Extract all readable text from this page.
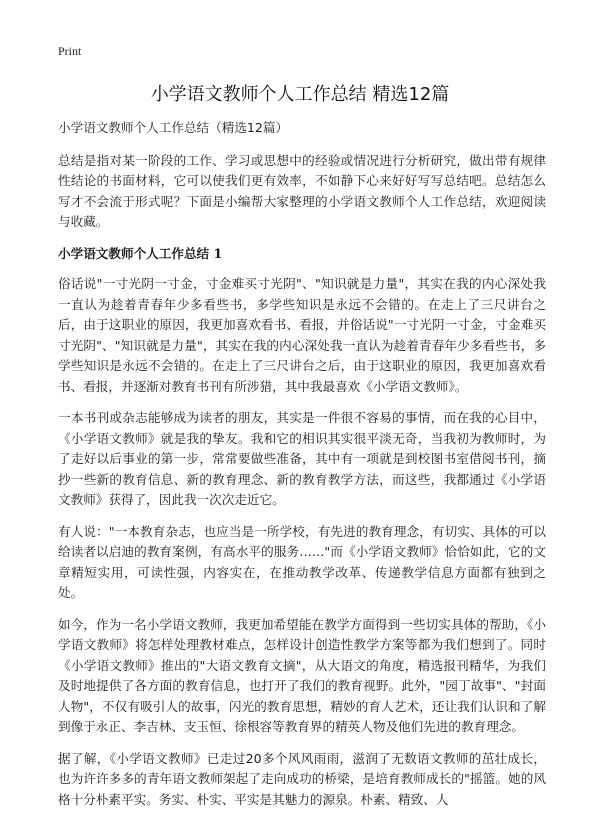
Print
小学语文教师个人工作总结 精选12篇

小学语文教师个人工作总结（精选12篇）

总结是指对某一阶段的工作、学习或思想中的经验或情况进行分析研究，做出带有规律性结论的书面材料，它可以使我们更有效率，不如静下心来好好写写总结吧。总结怎么写才不会流于形式呢？下面是小编帮大家整理的小学语文教师个人工作总结，欢迎阅读与收藏。

小学语文教师个人工作总结 1

俗话说"一寸光阴一寸金，寸金难买寸光阴"、"知识就是力量"，其实在我的内心深处我一直认为趁着青春年少多看些书，多学些知识是永远不会错的。在走上了三尺讲台之后，由于这职业的原因，我更加喜欢看书、看报，并俗话说"一寸光阴一寸金，寸金难买寸光阴"、"知识就是力量"，其实在我的内心深处我一直认为趁着青春年少多看些书，多学些知识是永远不会错的。在走上了三尺讲台之后，由于这职业的原因，我更加喜欢看书、看报，并逐渐对教育书刊有所涉猎，其中我最喜欢《小学语文教师》。

一本书刊或杂志能够成为读者的朋友，其实是一件很不容易的事情，而在我的心目中，《小学语文教师》就是我的挚友。我和它的相识其实很平淡无奇，当我初为教师时，为了走好以后事业的第一步，常常要做些准备，其中有一项就是到校图书室借阅书刊，摘抄一些新的教育信息、新的教育理念、新的教育教学方法，而这些，我都通过《小学语文教师》获得了，因此我一次次走近它。

有人说："一本教育杂志，也应当是一所学校，有先进的教育理念，有切实、具体的可以给读者以启迪的教育案例，有高水平的服务……"而《小学语文教师》恰恰如此，它的文章精短实用，可读性强，内容实在，在推动教学改革、传递教学信息方面都有独到之处。

如今，作为一名小学语文教师，我更加希望能在教学方面得到一些切实具体的帮助，《小学语文教师》将怎样处理教材难点，怎样设计创造性教学方案等都为我们想到了。同时《小学语文教师》推出的"大语文教育文摘"，从大语文的角度，精选报刊精华，为我们及时地提供了各方面的教育信息，也打开了我们的教育视野。此外，"园丁故事"、"封面人物"，不仅有吸引人的故事，闪光的教育思想，精妙的育人艺术，还让我们认识和了解到像于永正、李吉林、支玉恒、徐根容等教育界的精英人物及他们先进的教育理念。

据了解，《小学语文教师》已走过20多个风风雨雨，滋润了无数语文教师的茁壮成长，也为许许多多的青年语文教师架起了走向成功的桥梁，是培育教师成长的"摇篮。她的风格十分朴素平实。务实、朴实、平实是其魅力的源泉。朴素、精致、人
